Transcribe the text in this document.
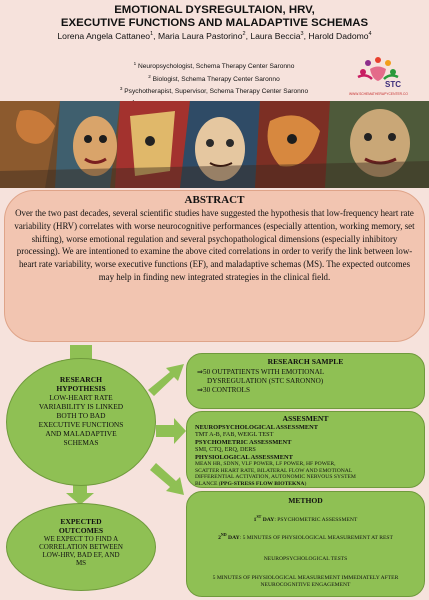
EMOTIONAL DYSREGULTAION, HRV,
EXECUTIVE FUNCTIONS AND MALADAPTIVE SCHEMAS
Lorena Angela Cattaneo$^1$, Maria Laura Pastorino$^2$, Laura Beccia$^3$, Harold Dadomo$^4$
$^1$ Neuropsychologist, Schema Therapy Center Saronno
$^2$ Biologist, Schema Therapy Center Saronno
$^3$ Psychotherapist, Supervisor, Schema Therapy Center Saronno
STC
WWW.SCHEMATHERAPYCENTER.COM
ABSTRACT

Over the two past decades, several scientific studies have suggested the hypothesis that low-frequency heart rate variability (HRV) correlates with worse neurocognitive performances (especially attention, working memory, set shifting), worse emotional regulation and several psychopathological dimensions (especially inhibitory processing). We are intentioned to examine the above cited correlations in order to verify the link between low-heart rate variability, worse executive functions (EF), and maladaptive schemas (MS). The expected outcomes may help in finding new integrated strategies in the clinical field.

RESEARCH
HYPOTHESIS
LOW-HEART RATE
VARIABILITY IS LINKED
BOTH TO BAD
EXECUTIVE FUNCTIONS
AND MALADAPTIVE
SCHEMAS
EXPECTED
OUTCOMES
WE EXPECT TO FIND A
CORRELATION BETWEEN
LOW-HRV, BAD EF, AND
MS
RESEARCH SAMPLE
⇒50 OUTPATIENTS WITH EMOTIONAL
DYSREGULATION (STC SARONNO)
⇒30 CONTROLS
ASSESMENT
NEUROPSYCHOLOGICAL ASSESSMENT
TMT A-B, FAB, WEIGL TEST
PSYCHOMETRIC ASSESSMENT
SMI, CTQ, ERQ, DERS
PHYSIOLOGICAL ASSESSMENT
MEAN HR, SDNN, VLF POWER, LF POWER, HF POWER,
SCATTER HEART RATE, BILATERAL FLOW AND EMOTIONAL
DIFFERENTIAL ACTIVATION, AUTONOMIC NERVOUS SYSTEM
BLANCE (PPG-STRESS FLOW BIOTEKNA)
METHOD
1ST DAY: PSYCHOMETRIC ASSESSMENT
2ND DAY: 5 MINUTES OF PHYSIOLOGICAL MEASUREMENT AT REST
NEUROPSYCHOLOGICAL TESTS
5 MINUTES OF PHYSIOLOGICAL MEASUREMENT IMMEDIATELY AFTER
NEUROCOGNITIVE ENGAGEMENT
